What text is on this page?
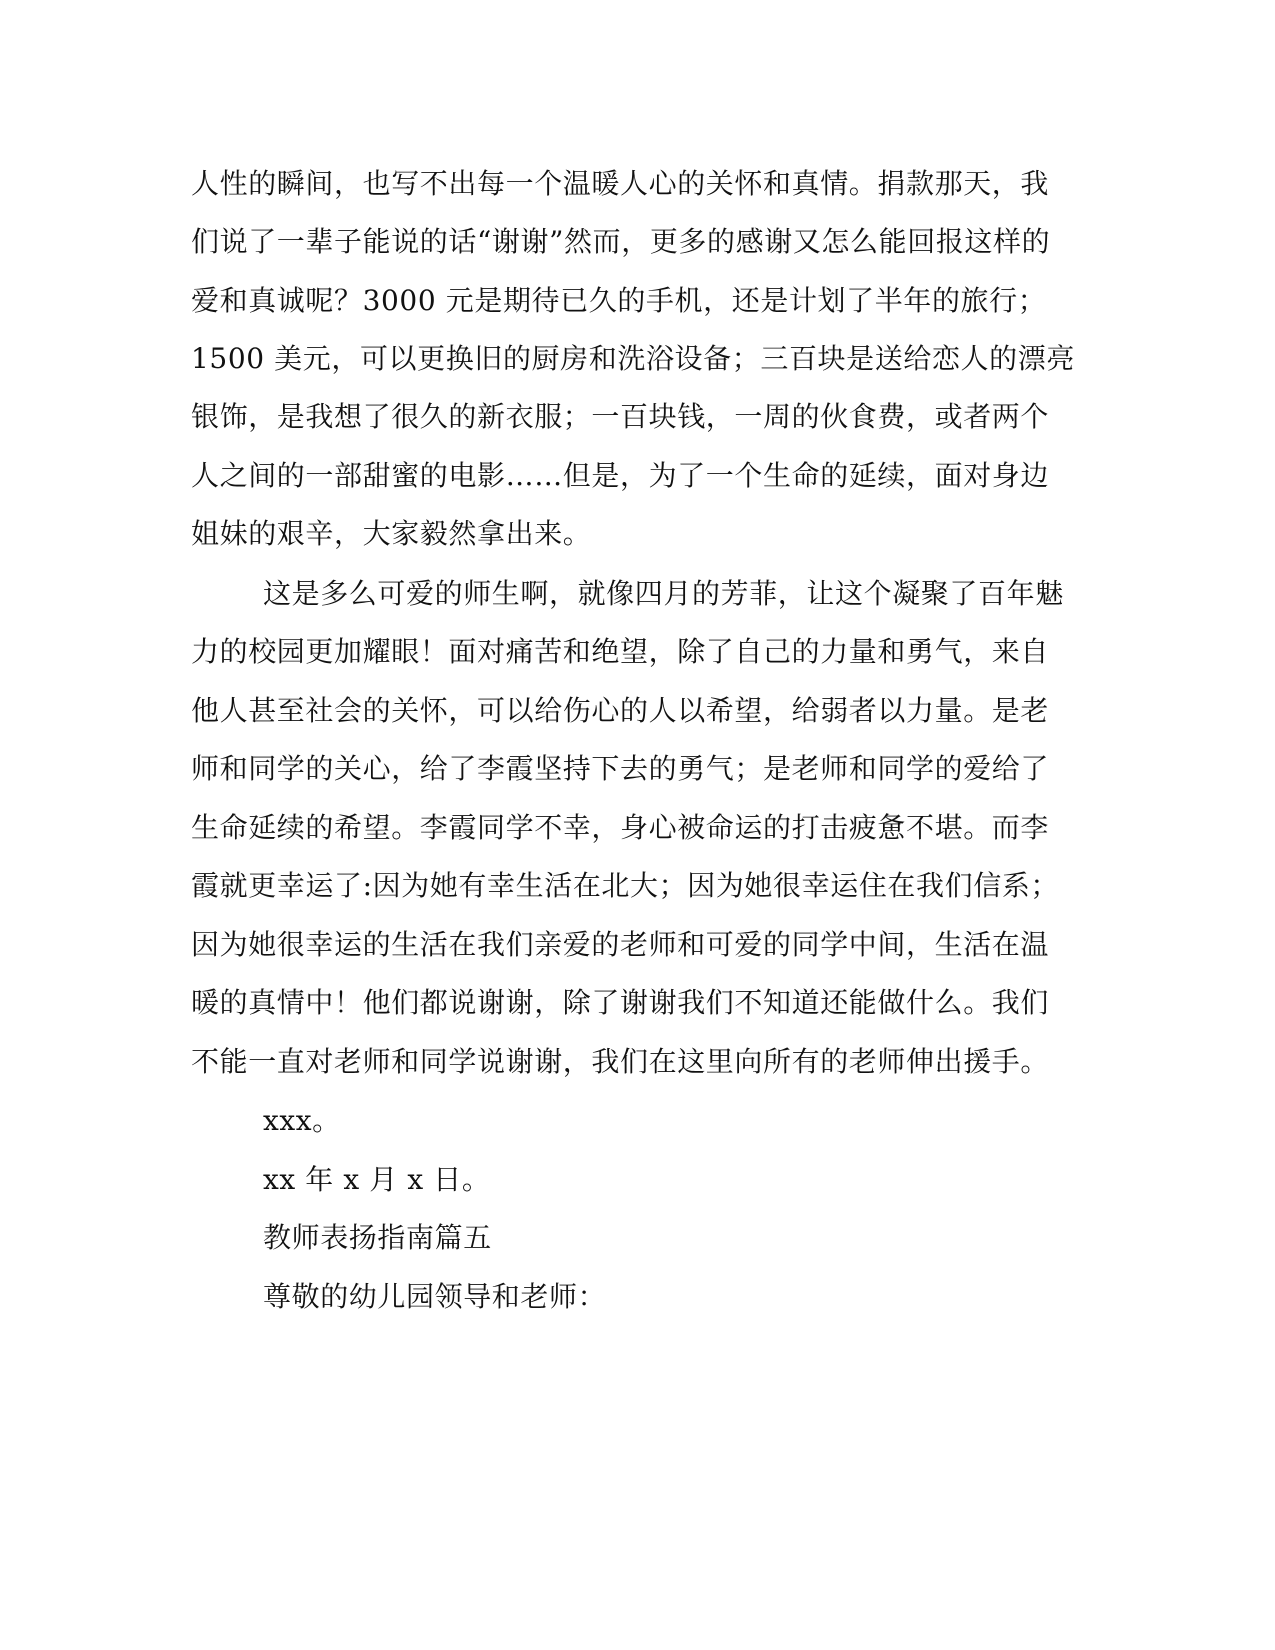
人性的瞬间，也写不出每一个温暖人心的关怀和真情。捐款那天，我
们说了一辈子能说的话“谢谢”然而，更多的感谢又怎么能回报这样的
爱和真诚呢？3000 元是期待已久的手机，还是计划了半年的旅行；
1500 美元，可以更换旧的厨房和洗浴设备；三百块是送给恋人的漂亮
银饰，是我想了很久的新衣服；一百块钱，一周的伙食费，或者两个
人之间的一部甜蜜的电影……但是，为了一个生命的延续，面对身边
姐妹的艰辛，大家毅然拿出来。
这是多么可爱的师生啊，就像四月的芳菲，让这个凝聚了百年魅
力的校园更加耀眼！面对痛苦和绝望，除了自己的力量和勇气，来自
他人甚至社会的关怀，可以给伤心的人以希望，给弱者以力量。是老
师和同学的关心，给了李霞坚持下去的勇气；是老师和同学的爱给了
生命延续的希望。李霞同学不幸，身心被命运的打击疲惫不堪。而李
霞就更幸运了:因为她有幸生活在北大；因为她很幸运住在我们信系；
因为她很幸运的生活在我们亲爱的老师和可爱的同学中间，生活在温
暖的真情中！他们都说谢谢，除了谢谢我们不知道还能做什么。我们
不能一直对老师和同学说谢谢，我们在这里向所有的老师伸出援手。
xxx。
xx 年 x 月 x 日。
教师表扬指南篇五
尊敬的幼儿园领导和老师：
